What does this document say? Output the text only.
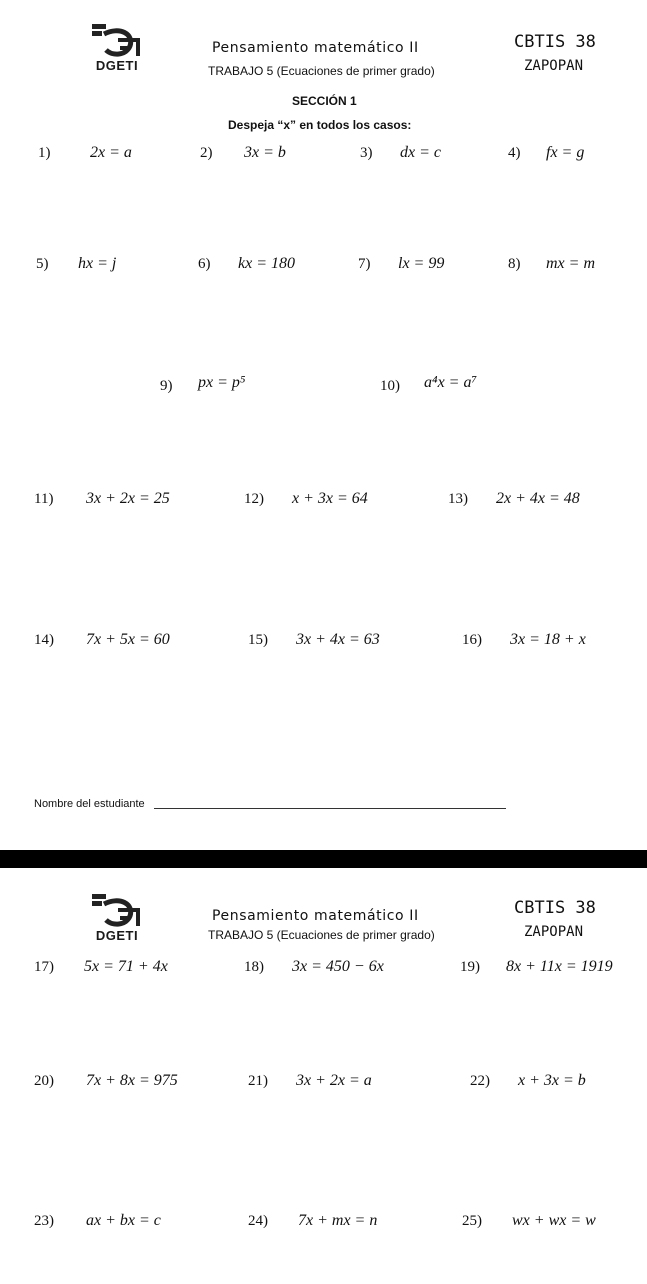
DGETI
Pensamiento matemático II
TRABAJO 5 (Ecuaciones de primer grado)
CBTIS 38
ZAPOPAN
SECCIÓN 1
Despeja “x” en todos los casos:
1) 2x = a	2) 3x = b	3) dx = c	4) fx = g
5) hx = j	6) kx = 180	7) lx = 99	8) mx = m
9) px = p⁵	10) a⁴x = a⁷
11) 3x + 2x = 25	12) x + 3x = 64	13) 2x + 4x = 48
14) 7x + 5x = 60	15) 3x + 4x = 63	16) 3x = 18 + x
Nombre del estudiante
DGETI
Pensamiento matemático II
TRABAJO 5 (Ecuaciones de primer grado)
CBTIS 38
ZAPOPAN
17) 5x = 71 + 4x	18) 3x = 450 − 6x	19) 8x + 11x = 1919
20) 7x + 8x = 975	21) 3x + 2x = a	22) x + 3x = b
23) ax + bx = c	24) 7x + mx = n	25) wx + wx = w
